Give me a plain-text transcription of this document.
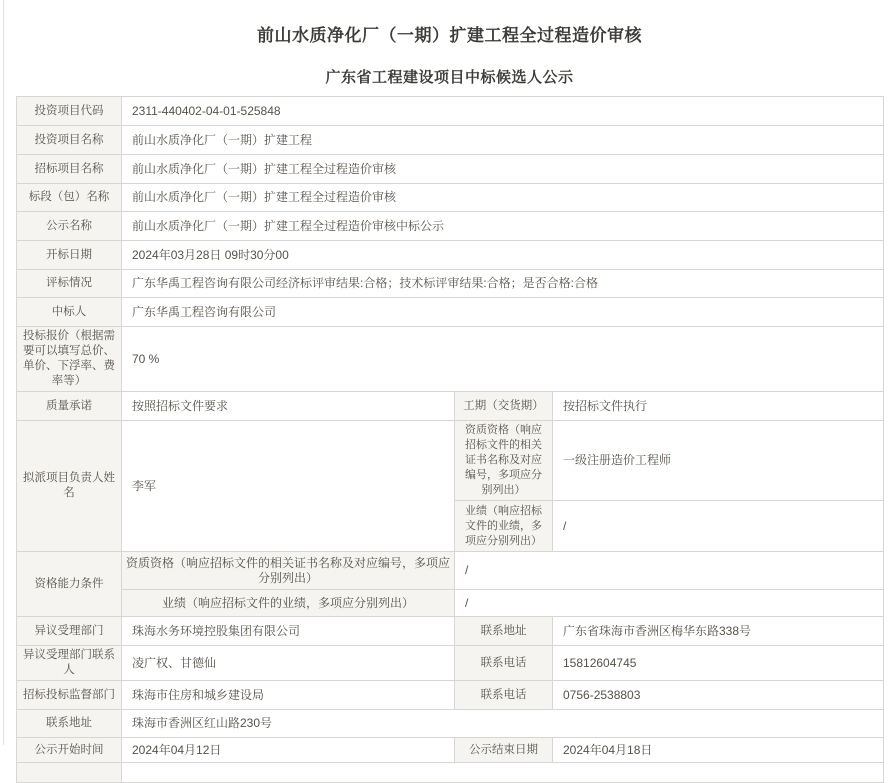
前山水质净化厂（一期）扩建工程全过程造价审核
广东省工程建设项目中标候选人公示
投资项目代码	2311-440402-04-01-525848		
投资项目名称	前山水质净化厂（一期）扩建工程		
招标项目名称	前山水质净化厂（一期）扩建工程全过程造价审核		
标段（包）名称	前山水质净化厂（一期）扩建工程全过程造价审核		
公示名称	前山水质净化厂（一期）扩建工程全过程造价审核中标公示		
开标日期	2024年03月28日 09时30分00		
评标情况	广东华禹工程咨询有限公司经济标评审结果:合格；技术标评审结果:合格；是否合格:合格		
中标人	广东华禹工程咨询有限公司		
投标报价（根据需要可以填写总价、单价、下浮率、费率等）	70 %		
质量承诺	按照招标文件要求	工期（交货期）	按招标文件执行
拟派项目负责人姓名	李军	资质资格（响应招标文件的相关证书名称及对应编号，多项应分别列出）	一级注册造价工程师
		业绩（响应招标文件的业绩，多项应分别列出）	/
资格能力条件	资质资格（响应招标文件的相关证书名称及对应编号，多项应分别列出）	/	
	业绩（响应招标文件的业绩，多项应分别列出）	/	
异议受理部门	珠海水务环境控股集团有限公司	联系地址	广东省珠海市香洲区梅华东路338号
异议受理部门联系人	凌广权、甘德仙	联系电话	15812604745
招标投标监督部门	珠海市住房和城乡建设局	联系电话	0756-2538803
联系地址	珠海市香洲区红山路230号		
公示开始时间	2024年04月12日	公示结束日期	2024年04月18日
